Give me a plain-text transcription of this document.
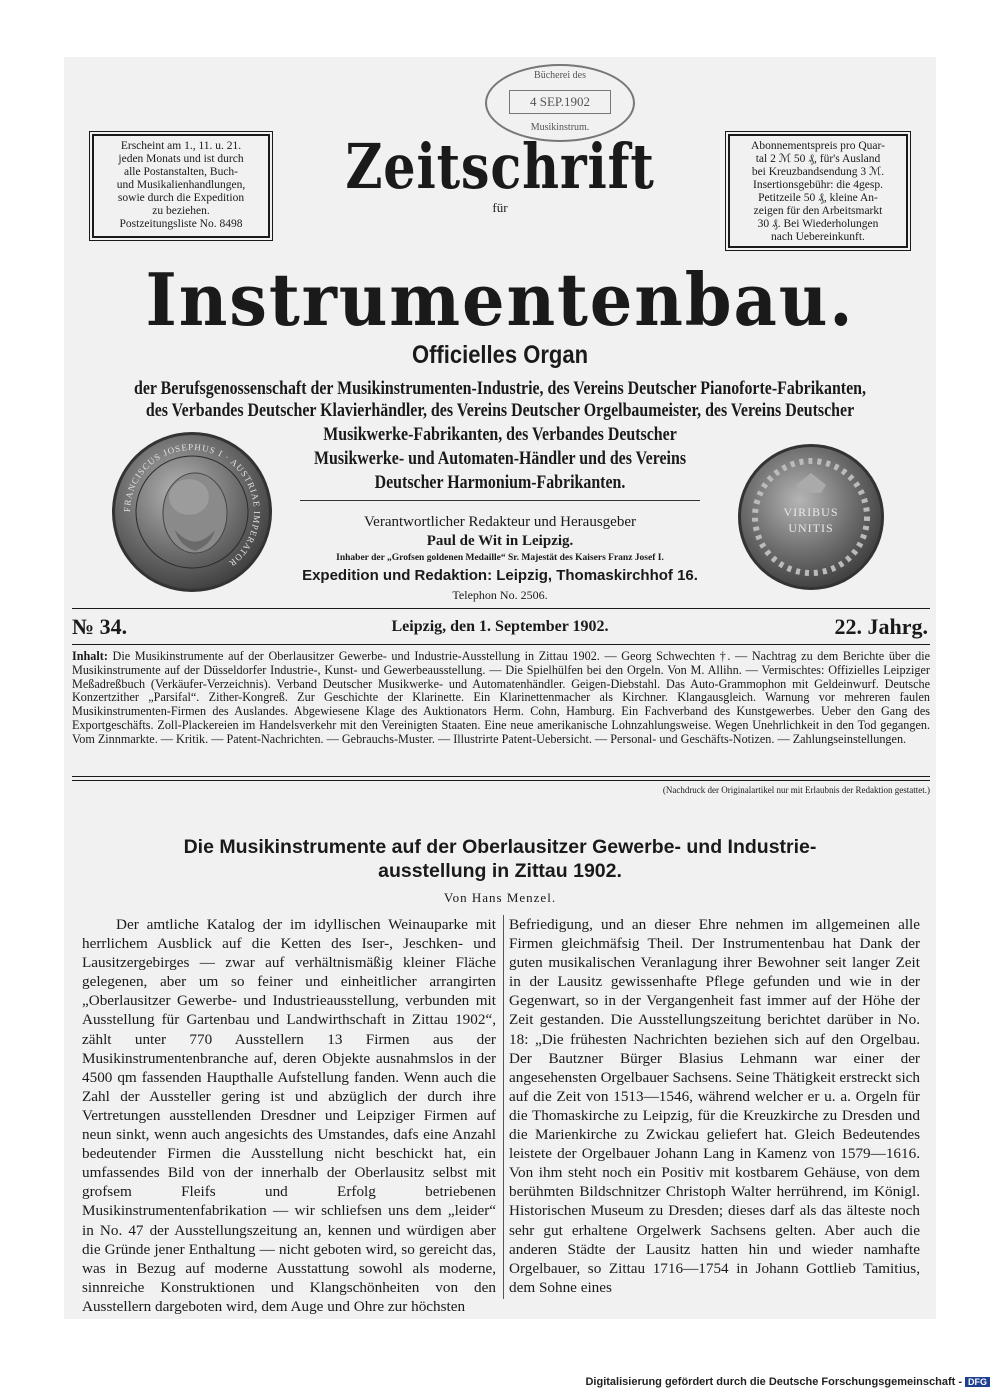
Bücherei des
4 SEP.1902
Musikinstrum.
Erscheint am 1., 11. u. 21.
jeden Monats und ist durch
alle Postanstalten, Buch-
und Musikalienhandlungen,
sowie durch die Expedition
zu beziehen.
Postzeitungsliste No. 8498
Abonnementspreis pro Quar-
tal 2 ℳ 50 ₰, für's Ausland
bei Kreuzbandsendung 3 ℳ.
Insertionsgebühr: die 4gesp.
Petitzeile 50 ₰, kleine An-
zeigen für den Arbeitsmarkt
30 ₰. Bei Wiederholungen
nach Uebereinkunft.
Zeitschrift
für
Instrumentenbau.
Officielles Organ
der Berufsgenossenschaft der Musikinstrumenten-Industrie, des Vereins Deutscher Pianoforte-Fabrikanten,
des Verbandes Deutscher Klavierhändler, des Vereins Deutscher Orgelbaumeister, des Vereins Deutscher
Musikwerke-Fabrikanten, des Verbandes Deutscher
Musikwerke- und Automaten-Händler und des Vereins
Deutscher Harmonium-Fabrikanten.
FRANCISCUS JOSEPHUS I · AUSTRIAE IMPERATOR
VIRIBUS
UNITIS
Verantwortlicher Redakteur und Herausgeber
Paul de Wit in Leipzig.
Inhaber der „Grofsen goldenen Medaille“ Sr. Majestät des Kaisers Franz Josef I.
Expedition und Redaktion: Leipzig, Thomaskirchhof 16.
Telephon No. 2506.
№ 34.	Leipzig, den 1. September 1902.	22. Jahrg.
Inhalt: Die Musikinstrumente auf der Oberlausitzer Gewerbe- und Industrie-Ausstellung in Zittau 1902. — Georg Schwechten †. — Nachtrag zu dem Berichte über die Musikinstrumente auf der Düsseldorfer Industrie-, Kunst- und Gewerbeausstellung. — Die Spielhülfen bei den Orgeln. Von M. Allihn. — Vermischtes: Offizielles Leipziger Meßadreßbuch (Verkäufer-Verzeichnis). Verband Deutscher Musikwerke- und Automatenhändler. Geigen-Diebstahl. Das Auto-Grammophon mit Geldeinwurf. Deutsche Konzertzither „Parsifal“. Zither-Kongreß. Zur Geschichte der Klarinette. Ein Klarinettenmacher als Kirchner. Klangausgleich. Warnung vor mehreren faulen Musikinstrumenten-Firmen des Auslandes. Abgewiesene Klage des Auktionators Herm. Cohn, Hamburg. Ein Fachverband des Kunstgewerbes. Ueber den Gang des Exportgeschäfts. Zoll-Plackereien im Handelsverkehr mit den Vereinigten Staaten. Eine neue amerikanische Lohnzahlungsweise. Wegen Unehrlichkeit in den Tod gegangen. Vom Zinnmarkte. — Kritik. — Patent-Nachrichten. — Gebrauchs-Muster. — Illustrirte Patent-Uebersicht. — Personal- und Geschäfts-Notizen. — Zahlungseinstellungen.
(Nachdruck der Originalartikel nur mit Erlaubnis der Redaktion gestattet.)
Die Musikinstrumente auf der Oberlausitzer Gewerbe- und Industrie-
ausstellung in Zittau 1902.
Von Hans Menzel.
Der amtliche Katalog der im idyllischen Weinauparke mit herrlichem Ausblick auf die Ketten des Iser-, Jeschken- und Lausitzergebirges — zwar auf verhältnismäßig kleiner Fläche gelegenen, aber um so feiner und einheitlicher arrangirten „Oberlausitzer Gewerbe- und Industrieausstellung, verbunden mit Ausstellung für Gartenbau und Landwirthschaft in Zittau 1902“, zählt unter 770 Ausstellern 13 Firmen aus der Musikinstrumentenbranche auf, deren Objekte ausnahmslos in der 4500 qm fassenden Haupthalle Aufstellung fanden. Wenn auch die Zahl der Aussteller gering ist und abzüglich der durch ihre Vertretungen ausstellenden Dresdner und Leipziger Firmen auf neun sinkt, wenn auch angesichts des Umstandes, dafs eine Anzahl bedeutender Firmen die Ausstellung nicht beschickt hat, ein umfassendes Bild von der innerhalb der Oberlausitz selbst mit grofsem Fleifs und Erfolg betriebenen Musikinstrumentenfabrikation — wir schliefsen uns dem „leider“ in No. 47 der Ausstellungszeitung an, kennen und würdigen aber die Gründe jener Enthaltung — nicht geboten wird, so gereicht das, was in Bezug auf moderne Ausstattung sowohl als moderne, sinnreiche Konstruktionen und Klangschönheiten von den Ausstellern dargeboten wird, dem Auge und Ohre zur höchsten
Befriedigung, und an dieser Ehre nehmen im allgemeinen alle Firmen gleichmäfsig Theil. Der Instrumentenbau hat Dank der guten musikalischen Veranlagung ihrer Bewohner seit langer Zeit in der Lausitz gewissenhafte Pflege gefunden und wie in der Gegenwart, so in der Vergangenheit fast immer auf der Höhe der Zeit gestanden. Die Ausstellungszeitung berichtet darüber in No. 18: „Die frühesten Nachrichten beziehen sich auf den Orgelbau. Der Bautzner Bürger Blasius Lehmann war einer der angesehensten Orgelbauer Sachsens. Seine Thätigkeit erstreckt sich auf die Zeit von 1513—1546, während welcher er u. a. Orgeln für die Thomaskirche zu Leipzig, für die Kreuzkirche zu Dresden und die Marienkirche zu Zwickau geliefert hat. Gleich Bedeutendes leistete der Orgelbauer Johann Lang in Kamenz von 1579—1616. Von ihm steht noch ein Positiv mit kostbarem Gehäuse, von dem berühmten Bildschnitzer Christoph Walter herrührend, im Königl. Historischen Museum zu Dresden; dieses darf als das älteste noch sehr gut erhaltene Orgelwerk Sachsens gelten. Aber auch die anderen Städte der Lausitz hatten hin und wieder namhafte Orgelbauer, so Zittau 1716—1754 in Johann Gottlieb Tamitius, dem Sohne eines
Digitalisierung gefördert durch die Deutsche Forschungsgemeinschaft - DFG
